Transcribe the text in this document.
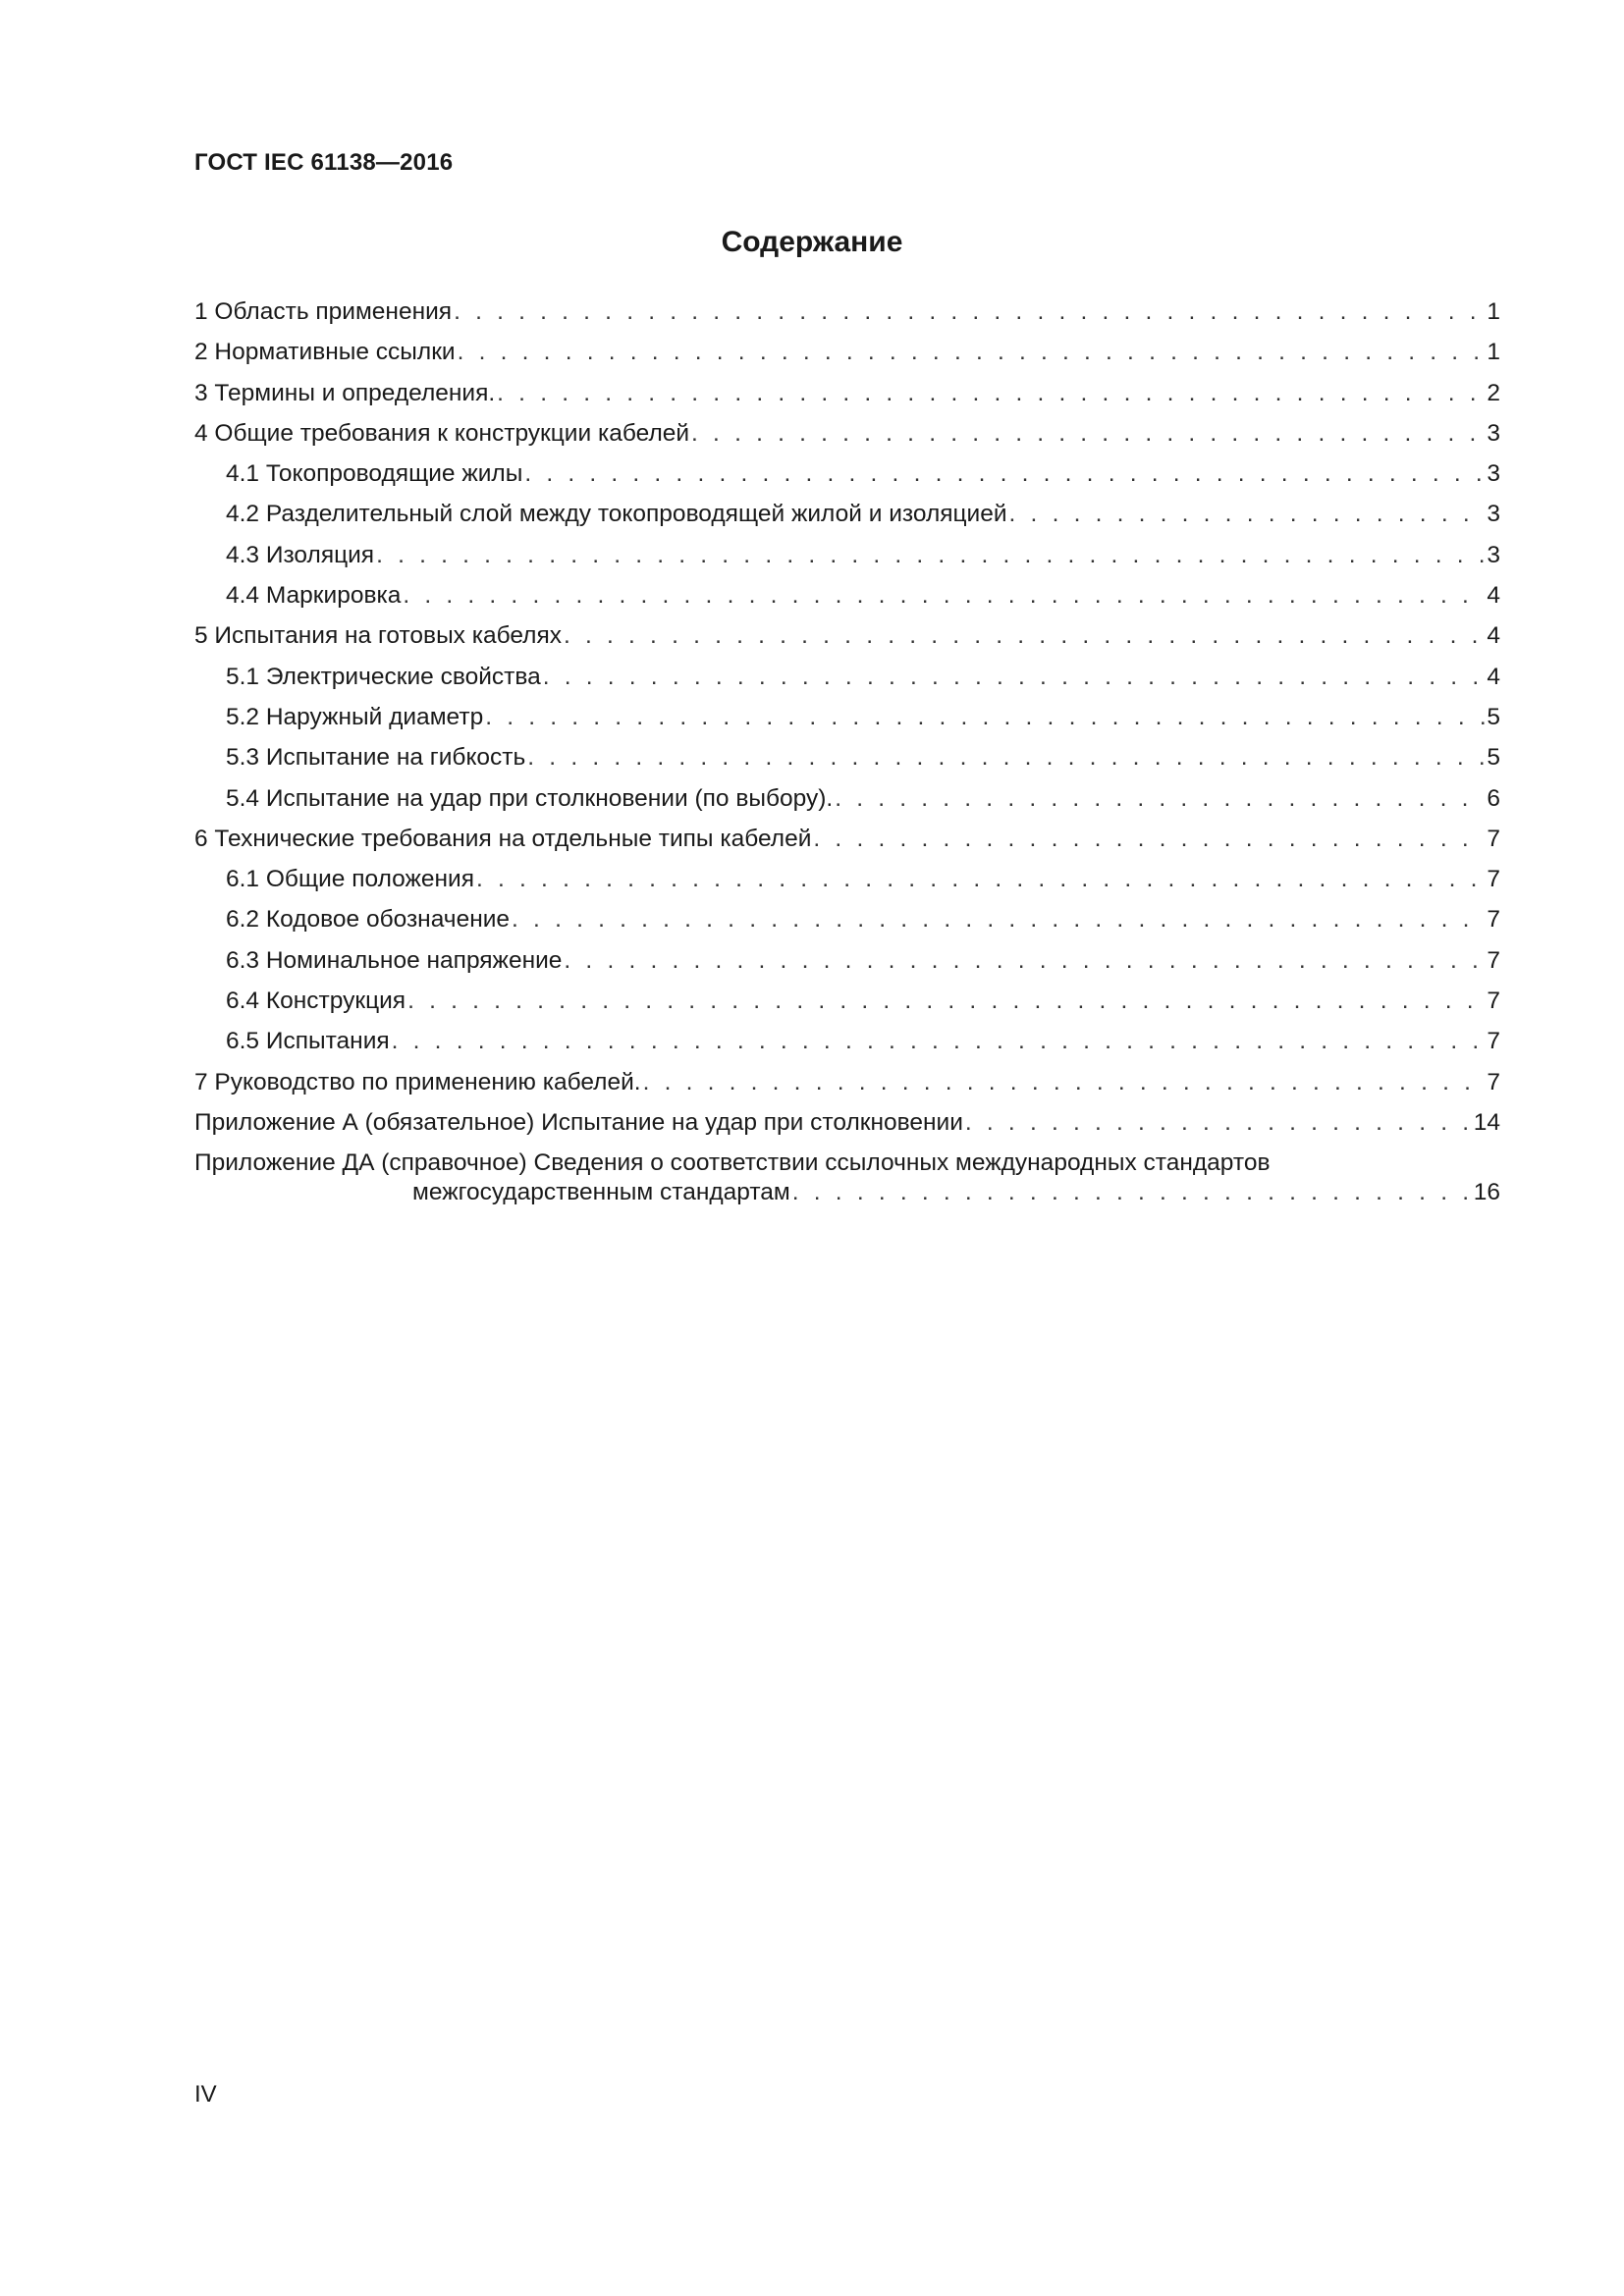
ГОСТ IEC 61138—2016
Содержание
1 Область применения . . .	1
2 Нормативные ссылки . . .	1
3 Термины и определения. . . .	2
4 Общие требования к конструкции кабелей . . .	3
4.1 Токопроводящие жилы . . .	3
4.2 Разделительный слой между токопроводящей жилой и изоляцией . . .	3
4.3 Изоляция . . .	3
4.4 Маркировка . . .	4
5 Испытания на готовых кабелях . . .	4
5.1 Электрические свойства . . .	4
5.2 Наружный диаметр . . .	5
5.3 Испытание на гибкость . . .	5
5.4 Испытание на удар при столкновении (по выбору). . . .	6
6 Технические требования на отдельные типы кабелей . . .	7
6.1 Общие положения . . .	7
6.2 Кодовое обозначение . . .	7
6.3 Номинальное напряжение . . .	7
6.4 Конструкция . . .	7
6.5 Испытания . . .	7
7 Руководство по применению кабелей. . . .	7
Приложение А (обязательное) Испытание на удар при столкновении . . .	14
Приложение ДА (справочное) Сведения о соответствии ссылочных международных стандартов
межгосударственным стандартам . . .	16
IV
